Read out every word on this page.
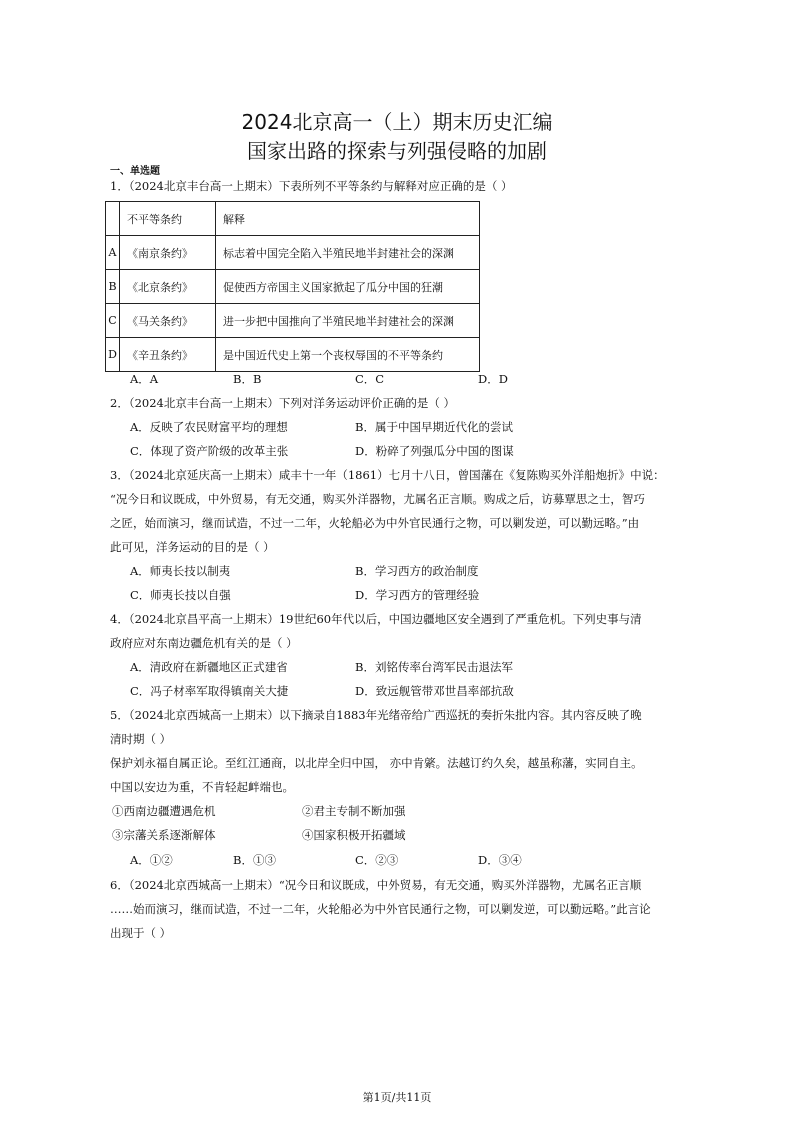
2024北京高一（上）期末历史汇编
国家出路的探索与列强侵略的加剧
一、单选题
1．（2024北京丰台高一上期末）下表所列不平等条约与解释对应正确的是（ ）
	不平等条约	解释
A	《南京条约》	标志着中国完全陷入半殖民地半封建社会的深渊
B	《北京条约》	促使西方帝国主义国家掀起了瓜分中国的狂潮
C	《马关条约》	进一步把中国推向了半殖民地半封建社会的深渊
D	《辛丑条约》	是中国近代史上第一个丧权辱国的不平等条约
A．A	B．B	C．C	D．D
2．（2024北京丰台高一上期末）下列对洋务运动评价正确的是（ ）
A．反映了农民财富平均的理想	B．属于中国早期近代化的尝试
C．体现了资产阶级的改革主张	D．粉碎了列强瓜分中国的图谋
3．（2024北京延庆高一上期末）咸丰十一年（1861）七月十八日，曾国藩在《复陈购买外洋船炮折》中说：
“况今日和议既成，中外贸易，有无交通，购买外洋器物，尤属名正言顺。购成之后，访募覃思之士，智巧
之匠，始而演习，继而试造，不过一二年，火轮船必为中外官民通行之物，可以剿发逆，可以勤远略。”由
此可见，洋务运动的目的是（ ）
A．师夷长技以制夷	B．学习西方的政治制度
C．师夷长技以自强	D．学习西方的管理经验
4．（2024北京昌平高一上期末）19世纪60年代以后，中国边疆地区安全遇到了严重危机。下列史事与清
政府应对东南边疆危机有关的是（ ）
A．清政府在新疆地区正式建省	B．刘铭传率台湾军民击退法军
C．冯子材率军取得镇南关大捷	D．致远舰管带邓世昌率部抗敌
5．（2024北京西城高一上期末）以下摘录自1883年光绪帝给广西巡抚的奏折朱批内容。其内容反映了晚
清时期（ ）
保护刘永福自属正论。至红江通商，以北岸全归中国， 亦中肯綮。法越订约久矣，越虽称藩，实同自主。
中国以安边为重，不肯轻起衅端也。
①西南边疆遭遇危机	②君主专制不断加强
③宗藩关系逐渐解体	④国家积极开拓疆域
A．①②	B．①③	C．②③	D．③④
6．（2024北京西城高一上期末）“况今日和议既成，中外贸易，有无交通，购买外洋器物，尤属名正言顺
……始而演习，继而试造，不过一二年，火轮船必为中外官民通行之物，可以剿发逆，可以勤远略。”此言论
出现于（ ）
第1页/共11页
